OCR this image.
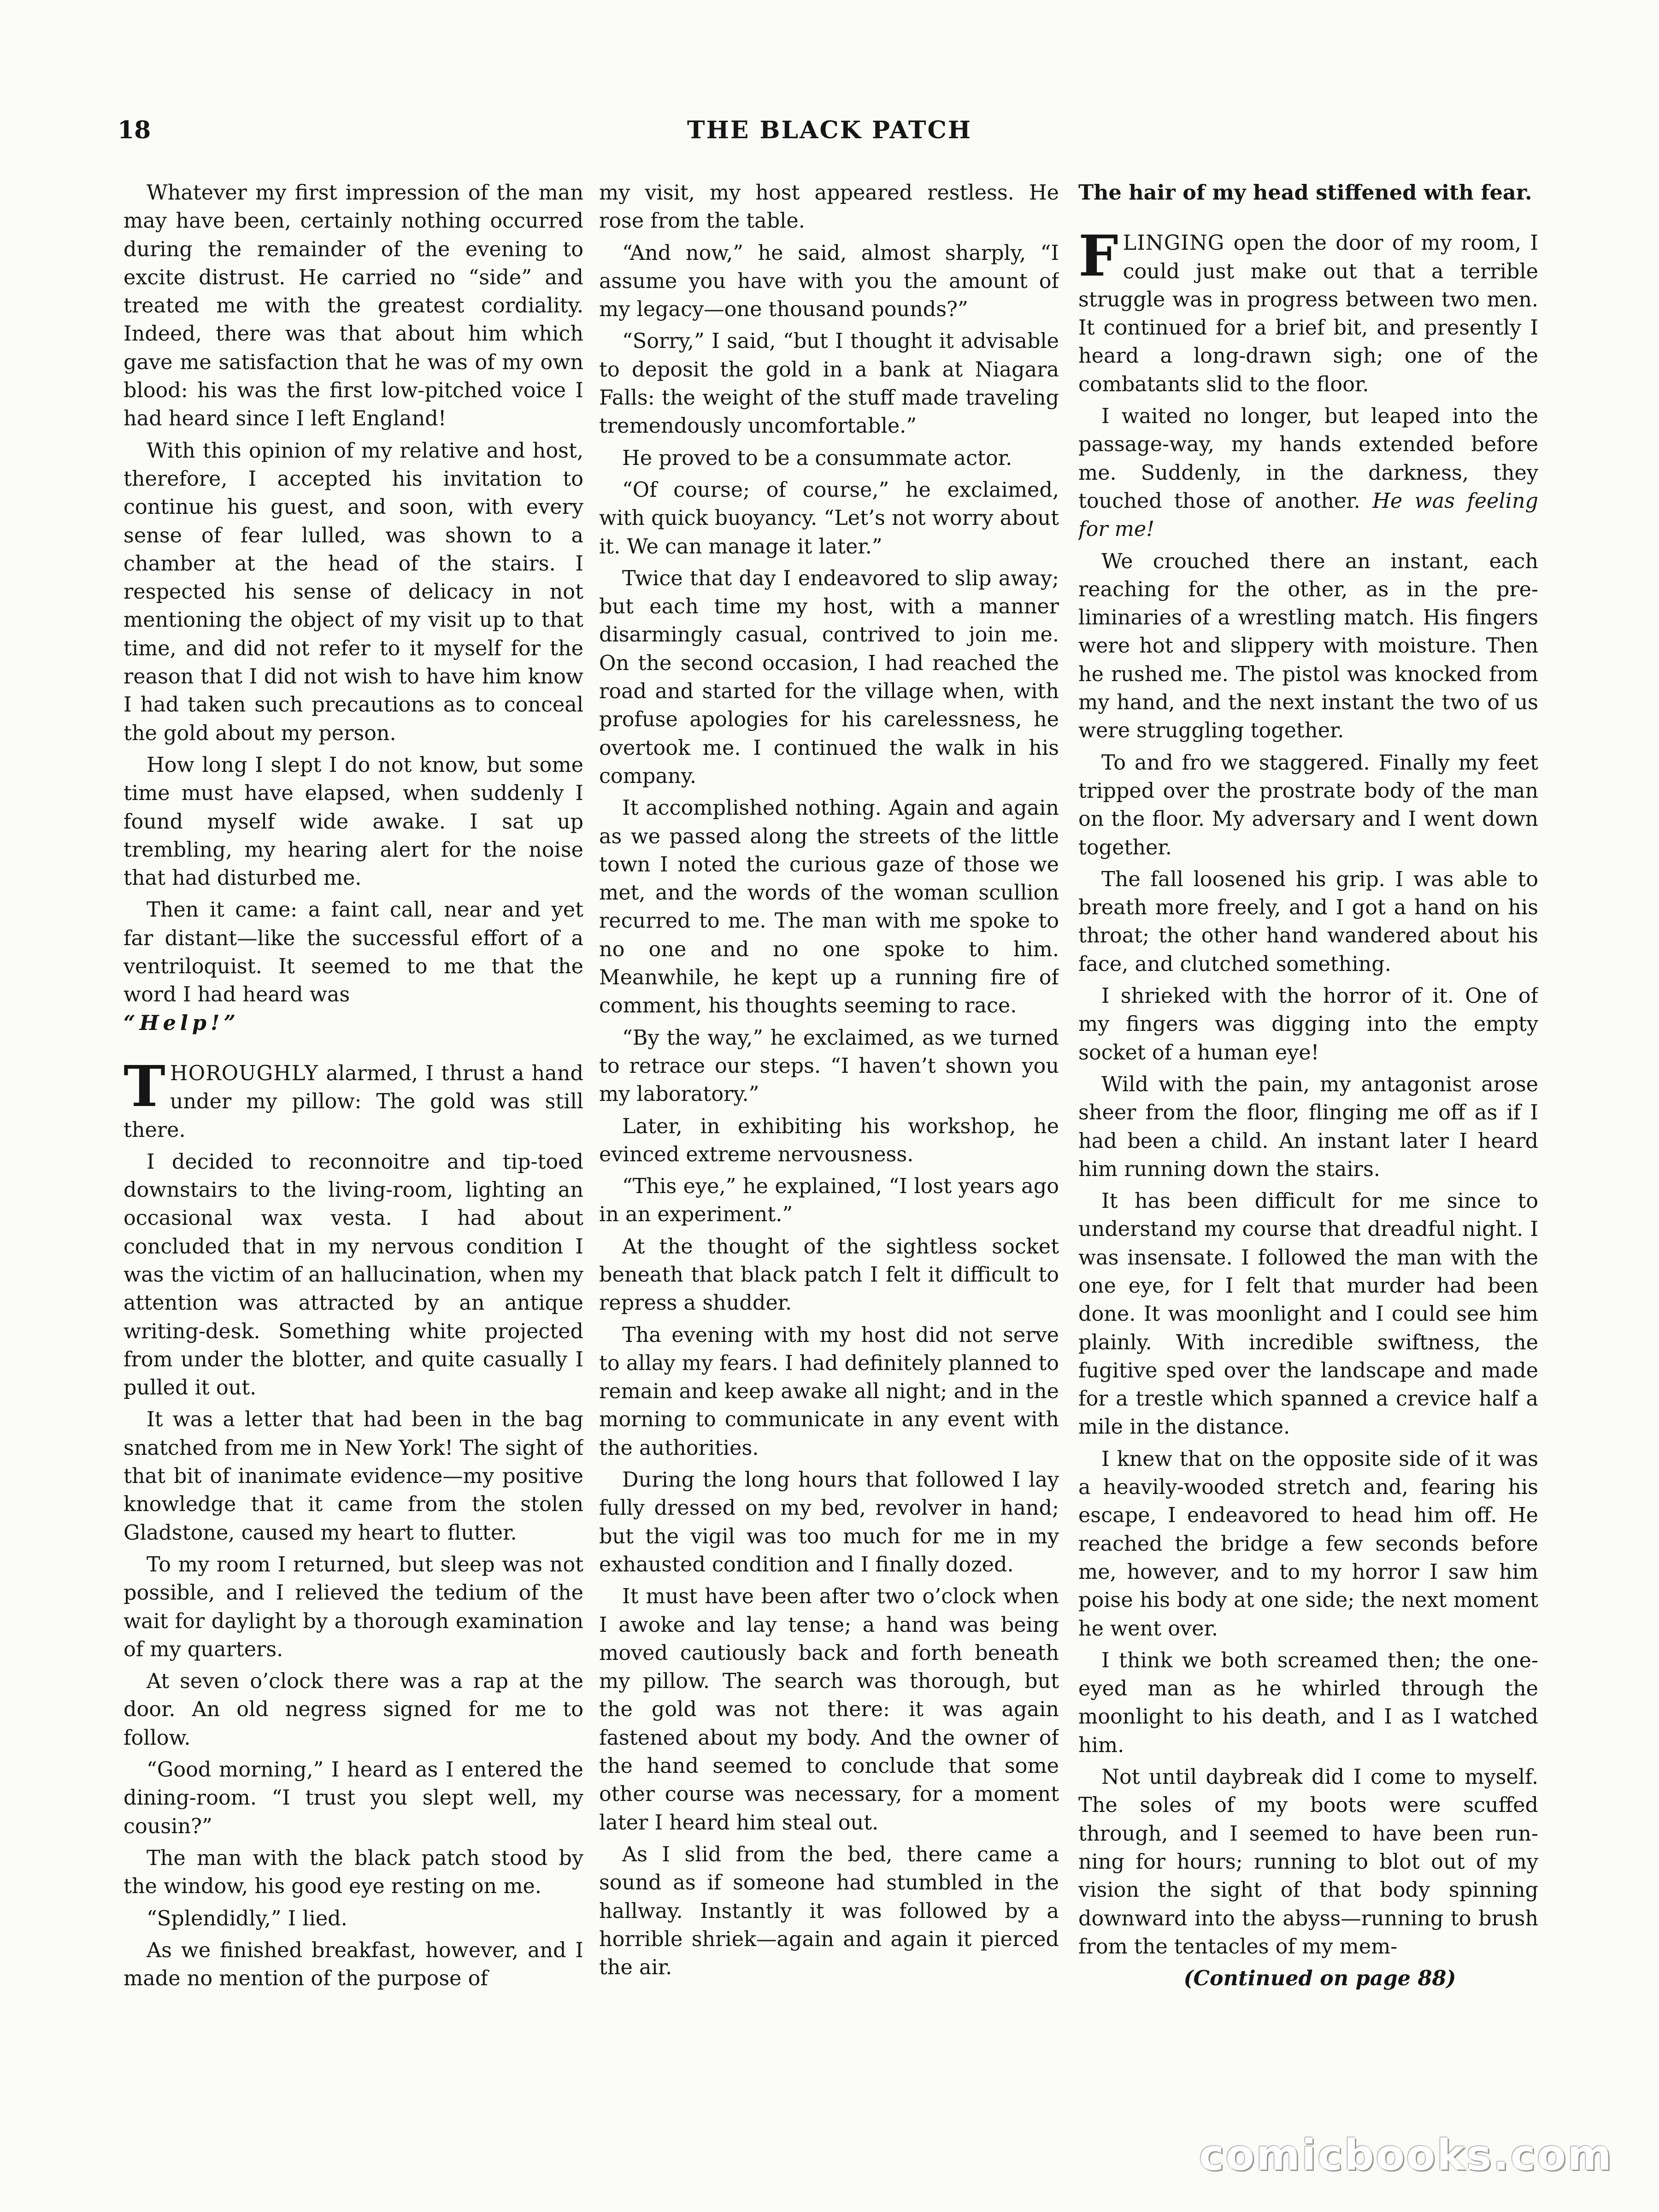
18	THE BLACK PATCH

Whatever my first impression of the man may have been, certainly nothing occurred during the remainder of the evening to excite distrust. He carried no “side” and treated me with the greatest cordiality. Indeed, there was that about him which gave me satisfaction that he was of my own blood: his was the first low-pitched voice I had heard since I left England!

With this opinion of my relative and host, therefore, I accepted his invitation to continue his guest, and soon, with every sense of fear lulled, was shown to a chamber at the head of the stairs. I respected his sense of delicacy in not mentioning the object of my visit up to that time, and did not refer to it myself for the reason that I did not wish to have him know I had taken such precautions as to conceal the gold about my person.

How long I slept I do not know, but some time must have elapsed, when suddenly I found myself wide awake. I sat up trembling, my hearing alert for the noise that had disturbed me.

Then it came: a faint call, near and yet far distant—like the successful effort of a ventriloquist. It seemed to me that the word I had heard was
“Help!”

THOROUGHLY alarmed, I thrust a hand under my pillow: The gold was still there.

I decided to reconnoitre and tip-toed downstairs to the living-room, lighting an occasional wax vesta. I had about concluded that in my nervous condition I was the victim of an hallucination, when my attention was attracted by an antique writing-desk. Something white projected from under the blotter, and quite casually I pulled it out.

It was a letter that had been in the bag snatched from me in New York! The sight of that bit of inanimate evidence—my positive knowledge that it came from the stolen Gladstone, caused my heart to flutter.

To my room I returned, but sleep was not possible, and I relieved the tedium of the wait for daylight by a thorough examination of my quarters.

At seven o’clock there was a rap at the door. An old negress signed for me to follow.

“Good morning,” I heard as I entered the dining-room. “I trust you slept well, my cousin?”

The man with the black patch stood by the window, his good eye resting on me.

“Splendidly,” I lied.

As we finished breakfast, however, and I made no mention of the purpose of

my visit, my host appeared restless. He rose from the table.

“And now,” he said, almost sharply, “I assume you have with you the amount of my legacy—one thousand pounds?”

“Sorry,” I said, “but I thought it advisable to deposit the gold in a bank at Niagara Falls: the weight of the stuff made traveling tremendously uncomfortable.”

He proved to be a consummate actor.

“Of course; of course,” he exclaimed, with quick buoyancy. “Let’s not worry about it. We can manage it later.”

Twice that day I endeavored to slip away; but each time my host, with a manner disarmingly casual, contrived to join me. On the second occasion, I had reached the road and started for the village when, with profuse apologies for his carelessness, he overtook me. I continued the walk in his company.

It accomplished nothing. Again and again as we passed along the streets of the little town I noted the curious gaze of those we met, and the words of the woman scullion recurred to me. The man with me spoke to no one and no one spoke to him. Meanwhile, he kept up a running fire of comment, his thoughts seeming to race.

“By the way,” he exclaimed, as we turned to retrace our steps. “I haven’t shown you my laboratory.”

Later, in exhibiting his workshop, he evinced extreme nervousness.

“This eye,” he explained, “I lost years ago in an experiment.”

At the thought of the sightless socket beneath that black patch I felt it difficult to repress a shudder.

Tha evening with my host did not serve to allay my fears. I had definitely planned to remain and keep awake all night; and in the morning to communicate in any event with the authorities.

During the long hours that followed I lay fully dressed on my bed, revolver in hand; but the vigil was too much for me in my exhausted condition and I finally dozed.

It must have been after two o’clock when I awoke and lay tense; a hand was being moved cautiously back and forth beneath my pillow. The search was thorough, but the gold was not there: it was again fastened about my body. And the owner of the hand seemed to conclude that some other course was necessary, for a moment later I heard him steal out.

As I slid from the bed, there came a sound as if someone had stumbled in the hallway. Instantly it was followed by a horrible shriek—again and again it pierced the air.

The hair of my head stiffened with fear.

FLINGING open the door of my room, I could just make out that a terrible struggle was in progress between two men. It continued for a brief bit, and presently I heard a long-drawn sigh; one of the combatants slid to the floor.

I waited no longer, but leaped into the passage-way, my hands extended before me. Suddenly, in the darkness, they touched those of another. He was feeling for me!

We crouched there an instant, each reaching for the other, as in the preliminaries of a wrestling match. His fingers were hot and slippery with moisture. Then he rushed me. The pistol was knocked from my hand, and the next instant the two of us were struggling together.

To and fro we staggered. Finally my feet tripped over the prostrate body of the man on the floor. My adversary and I went down together.

The fall loosened his grip. I was able to breath more freely, and I got a hand on his throat; the other hand wandered about his face, and clutched something.

I shrieked with the horror of it. One of my fingers was digging into the empty socket of a human eye!

Wild with the pain, my antagonist arose sheer from the floor, flinging me off as if I had been a child. An instant later I heard him running down the stairs.

It has been difficult for me since to understand my course that dreadful night. I was insensate. I followed the man with the one eye, for I felt that murder had been done. It was moonlight and I could see him plainly. With incredible swiftness, the fugitive sped over the landscape and made for a trestle which spanned a crevice half a mile in the distance.

I knew that on the opposite side of it was a heavily-wooded stretch and, fearing his escape, I endeavored to head him off. He reached the bridge a few seconds before me, however, and to my horror I saw him poise his body at one side; the next moment he went over.

I think we both screamed then; the one-eyed man as he whirled through the moonlight to his death, and I as I watched him.

Not until daybreak did I come to myself. The soles of my boots were scuffed through, and I seemed to have been running for hours; running to blot out of my vision the sight of that body spinning downward into the abyss—running to brush from the tentacles of my mem-

(Continued on page 88)

comicbooks.com
